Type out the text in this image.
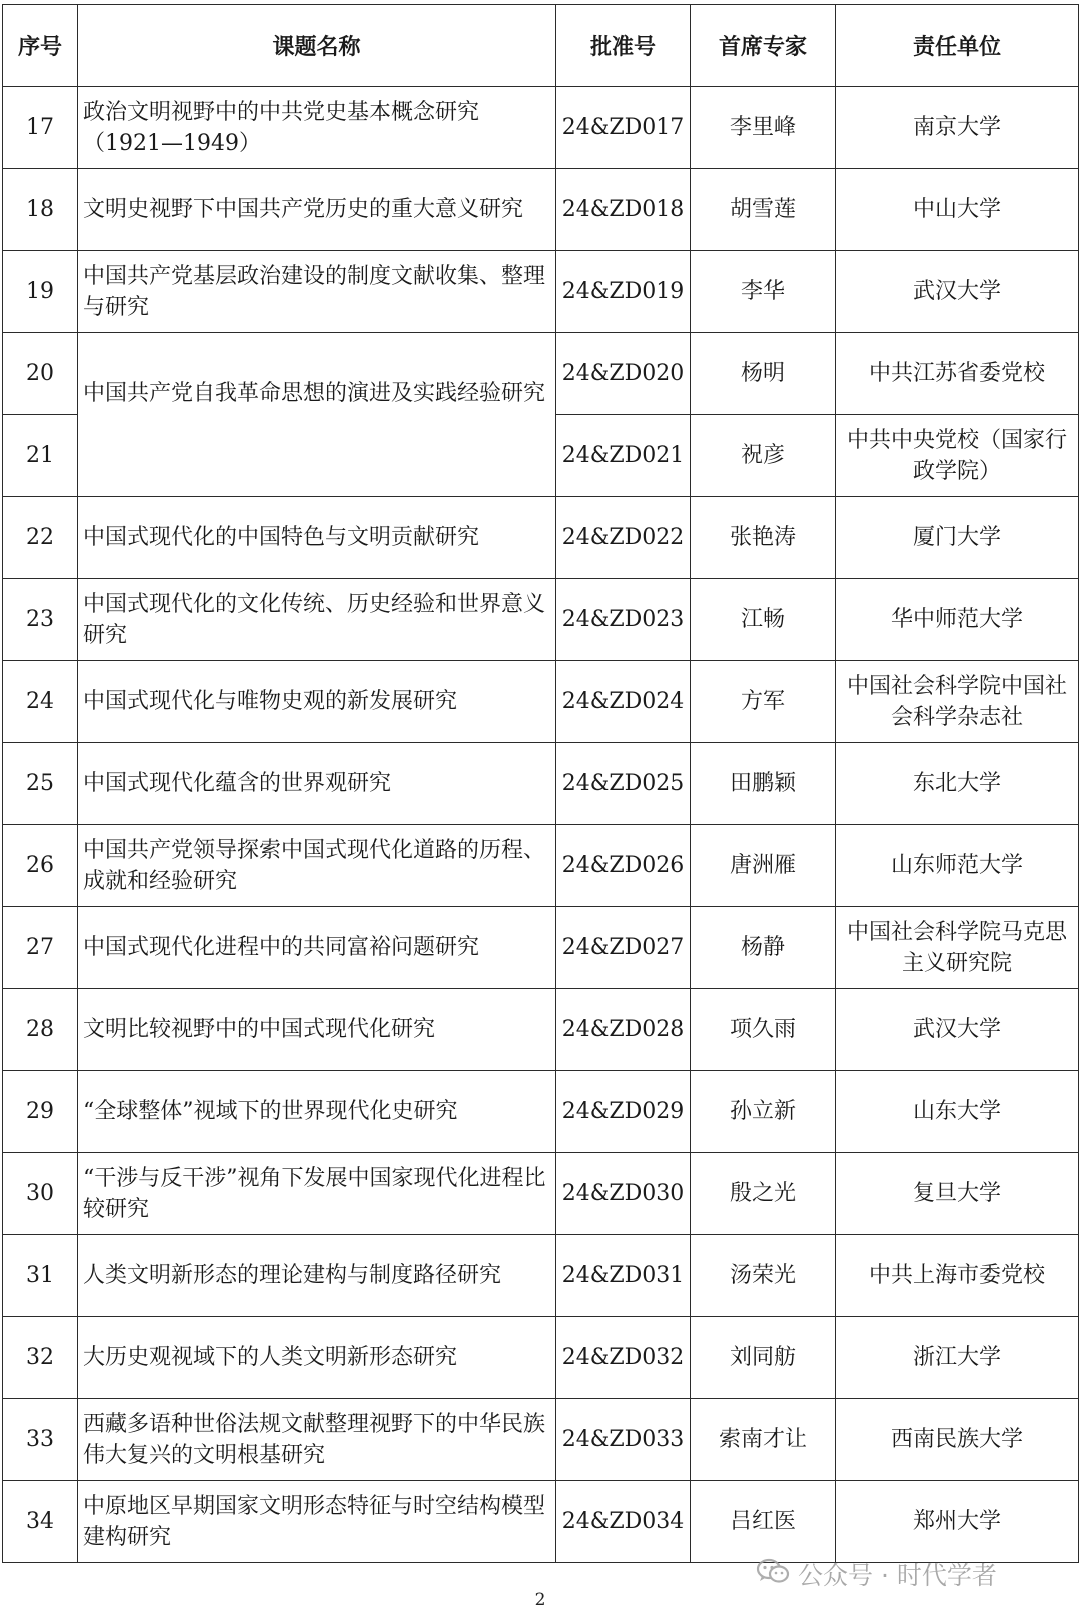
序号	课题名称	批准号	首席专家	责任单位
17	政治文明视野中的中共党史基本概念研究（1921—1949）	24&ZD017	李里峰	南京大学
18	文明史视野下中国共产党历史的重大意义研究	24&ZD018	胡雪莲	中山大学
19	中国共产党基层政治建设的制度文献收集、整理与研究	24&ZD019	李华	武汉大学
20	中国共产党自我革命思想的演进及实践经验研究	24&ZD020	杨明	中共江苏省委党校
21		24&ZD021	祝彦	中共中央党校（国家行政学院）
22	中国式现代化的中国特色与文明贡献研究	24&ZD022	张艳涛	厦门大学
23	中国式现代化的文化传统、历史经验和世界意义研究	24&ZD023	江畅	华中师范大学
24	中国式现代化与唯物史观的新发展研究	24&ZD024	方军	中国社会科学院中国社会科学杂志社
25	中国式现代化蕴含的世界观研究	24&ZD025	田鹏颖	东北大学
26	中国共产党领导探索中国式现代化道路的历程、成就和经验研究	24&ZD026	唐洲雁	山东师范大学
27	中国式现代化进程中的共同富裕问题研究	24&ZD027	杨静	中国社会科学院马克思主义研究院
28	文明比较视野中的中国式现代化研究	24&ZD028	项久雨	武汉大学
29	“全球整体”视域下的世界现代化史研究	24&ZD029	孙立新	山东大学
30	“干涉与反干涉”视角下发展中国家现代化进程比较研究	24&ZD030	殷之光	复旦大学
31	人类文明新形态的理论建构与制度路径研究	24&ZD031	汤荣光	中共上海市委党校
32	大历史观视域下的人类文明新形态研究	24&ZD032	刘同舫	浙江大学
33	西藏多语种世俗法规文献整理视野下的中华民族伟大复兴的文明根基研究	24&ZD033	索南才让	西南民族大学
34	中原地区早期国家文明形态特征与时空结构模型建构研究	24&ZD034	吕红医	郑州大学
公众号 · 时代学者
2
